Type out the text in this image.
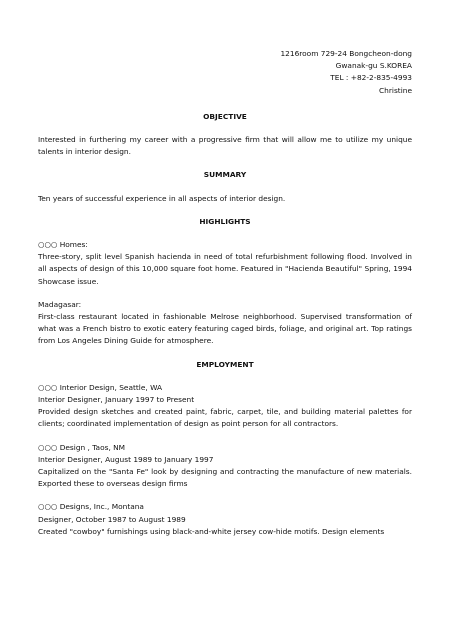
1216room 729-24 Bongcheon-dong
Gwanak-gu S.KOREA
TEL : +82-2-835-4993
Christine
OBJECTIVE
Interested in furthering my career with a progressive firm that will allow me to utilize my unique talents in interior design.
SUMMARY
Ten years of successful experience in all aspects of interior design.
HIGHLIGHTS
○○○ Homes:
Three-story, split level Spanish hacienda in need of total refurbishment following flood. Involved in all aspects of design of this 10,000 square foot home. Featured in "Hacienda Beautiful" Spring, 1994 Showcase issue.
Madagasar:
First-class restaurant located in fashionable Melrose neighborhood. Supervised transformation of what was a French bistro to exotic eatery featuring caged birds, foliage, and original art. Top ratings from Los Angeles Dining Guide for atmosphere.
EMPLOYMENT
○○○ Interior Design, Seattle, WA
Interior Designer, January 1997 to Present
Provided design sketches and created paint, fabric, carpet, tile, and building material palettes for clients; coordinated implementation of design as point person for all contractors.
○○○ Design , Taos, NM
Interior Designer, August 1989 to January 1997
Capitalized on the "Santa Fe" look by designing and contracting the manufacture of new materials. Exported these to overseas design firms
○○○ Designs, Inc., Montana
Designer, October 1987 to August 1989
Created "cowboy" furnishings using black-and-white jersey cow-hide motifs. Design elements
